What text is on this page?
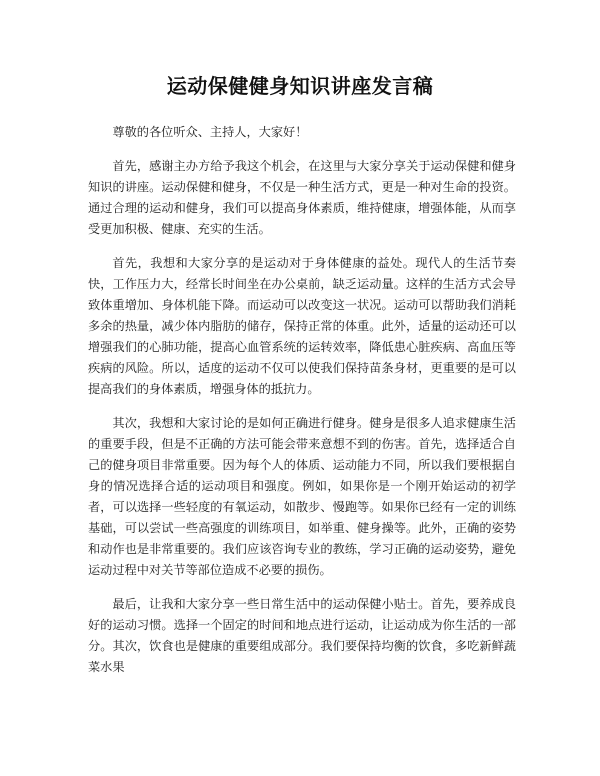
运动保健健身知识讲座发言稿

尊敬的各位听众、主持人，大家好！

首先，感谢主办方给予我这个机会，在这里与大家分享关于运动保健和健身知识的讲座。运动保健和健身，不仅是一种生活方式，更是一种对生命的投资。通过合理的运动和健身，我们可以提高身体素质，维持健康，增强体能，从而享受更加积极、健康、充实的生活。

首先，我想和大家分享的是运动对于身体健康的益处。现代人的生活节奏快，工作压力大，经常长时间坐在办公桌前，缺乏运动量。这样的生活方式会导致体重增加、身体机能下降。而运动可以改变这一状况。运动可以帮助我们消耗多余的热量，减少体内脂肪的储存，保持正常的体重。此外，适量的运动还可以增强我们的心肺功能，提高心血管系统的运转效率，降低患心脏疾病、高血压等疾病的风险。所以，适度的运动不仅可以使我们保持苗条身材，更重要的是可以提高我们的身体素质，增强身体的抵抗力。

其次，我想和大家讨论的是如何正确进行健身。健身是很多人追求健康生活的重要手段，但是不正确的方法可能会带来意想不到的伤害。首先，选择适合自己的健身项目非常重要。因为每个人的体质、运动能力不同，所以我们要根据自身的情况选择合适的运动项目和强度。例如，如果你是一个刚开始运动的初学者，可以选择一些轻度的有氧运动，如散步、慢跑等。如果你已经有一定的训练基础，可以尝试一些高强度的训练项目，如举重、健身操等。此外，正确的姿势和动作也是非常重要的。我们应该咨询专业的教练，学习正确的运动姿势，避免运动过程中对关节等部位造成不必要的损伤。

最后，让我和大家分享一些日常生活中的运动保健小贴士。首先，要养成良好的运动习惯。选择一个固定的时间和地点进行运动，让运动成为你生活的一部分。其次，饮食也是健康的重要组成部分。我们要保持均衡的饮食，多吃新鲜蔬菜水果
